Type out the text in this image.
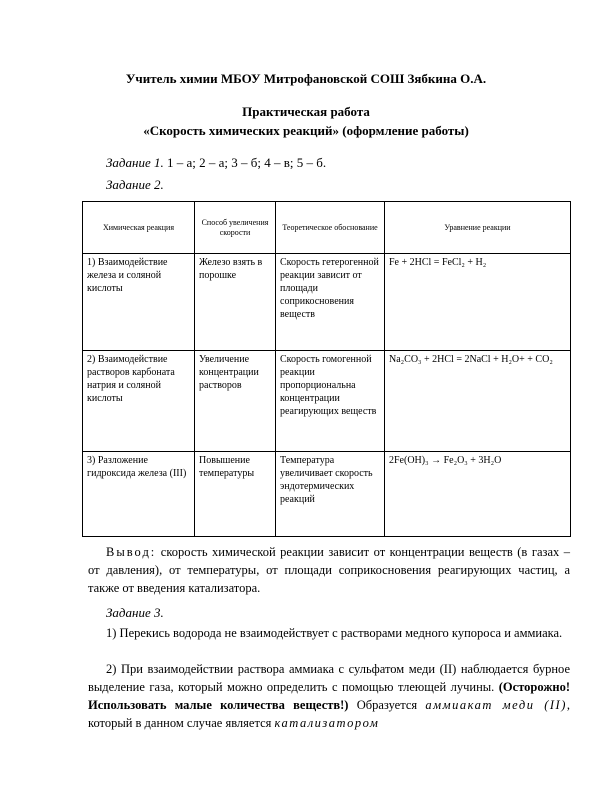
Учитель химии МБОУ Митрофановской СОШ Зябкина О.А.
Практическая работа
«Скорость химических реакций» (оформление работы)
Задание 1. 1 – а; 2 – а; 3 – б; 4 – в; 5 – б.
Задание 2.
Химическая реакция	Способ увеличения скорости	Теоретическое обоснование	Уравнение реакции
1) Взаимодействие железа и соляной кислоты	Железо взять в порошке	Скорость гетерогенной реакции зависит от площади соприкосновения веществ	Fe + 2HCl = FeCl₂ + H₂
2) Взаимодействие растворов карбоната натрия и соляной кислоты	Увеличение концентрации растворов	Скорость гомогенной реакции пропорциональна концентрации реагирующих веществ	Na₂CO₃ + 2HCl = 2NaCl + H₂O+ + CO₂
3) Разложение гидроксида железа (III)	Повышение температуры	Температура увеличивает скорость эндотермических реакций	2Fe(OH)₃ → Fe₂O₃ + 3H₂O
Вывод: скорость химической реакции зависит от концентрации веществ (в газах – от давления), от температуры, от площади соприкосновения реагирующих частиц, а также от введения катализатора.
Задание 3.
1) Перекись водорода не взаимодействует с растворами медного купороса и аммиака.
2) При взаимодействии раствора аммиака с сульфатом меди (II) наблюдается бурное выделение газа, который можно определить с помощью тлеющей лучины. (Осторожно! Использовать малые количества веществ!) Образуется аммиакат меди (II), который в данном случае является катализатором
